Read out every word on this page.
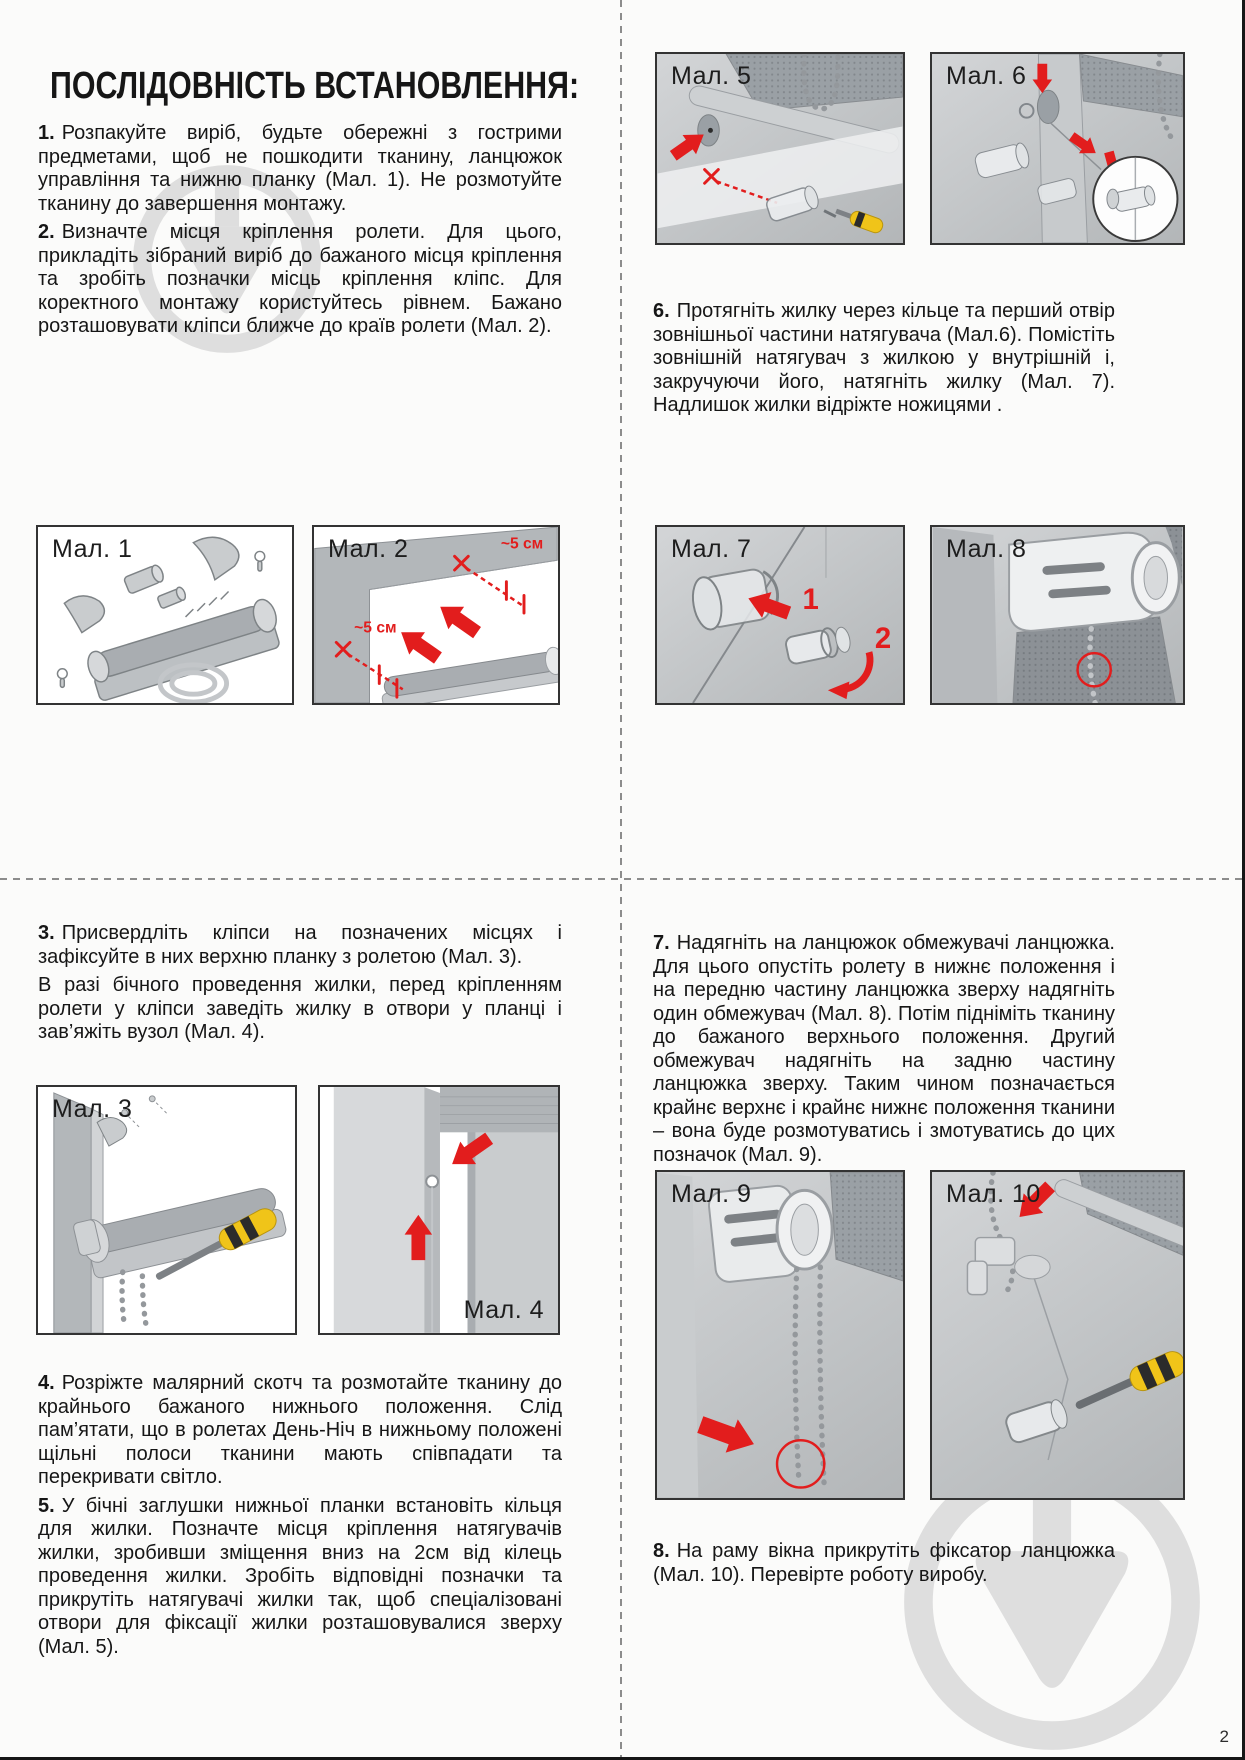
ПОСЛІДОВНІСТЬ ВСТАНОВЛЕННЯ:

1. Розпакуйте виріб, будьте обережні з гострими предметами, щоб не пошкодити тканину, ланцюжок управління та нижню планку (Мал. 1). Не розмотуйте тканину до завершення монтажу.

2. Визначте місця кріплення ролети. Для цього, прикладіть зібраний виріб до бажаного місця кріплення та зробіть позначки місць кріплення кліпс. Для коректного монтажу користуйтесь рівнем. Бажано розташовувати кліпси ближче до країв ролети (Мал. 2).

Мал. 1	~5 см
~5 см
Мал. 2
Мал. 5	Мал. 6

6. Протягніть жилку через кільце та перший отвір зовнішньої частини натягувача (Мал.6). Помістіть зовнішній натягувач з жилкою у внутрішній і, закручуючи його, натягніть жилку (Мал. 7). Надлишок жилки відріжте ножицями .

1
2
Мал. 7	Мал. 8

3. Присвердліть кліпси на позначених місцях і зафіксуйте в них верхню планку з ролетою (Мал. 3).

В разі бічного проведення жилки, перед кріпленням ролети у кліпси заведіть жилку в отвори у планці і зав’яжіть вузол (Мал. 4).

Мал. 3
Мал. 4

4. Розріжте малярний скотч та розмотайте тканину до крайнього бажаного нижнього положення. Слід пам’ятати, що в ролетах День-Ніч в нижньому положені щільні полоси тканини мають співпадати та перекривати світло.

5. У бічні заглушки нижньої планки встановіть кільця для жилки. Позначте місця кріплення натягувачів жилки, зробивши зміщення вниз на 2см від кілець проведення жилки. Зробіть відповідні позначки та прикрутіть натягувачі жилки так, щоб спеціалізовані отвори для фіксації жилки розташовувалися зверху (Мал. 5).

7. Надягніть на ланцюжок обмежувачі ланцюжка. Для цього опустіть ролету в нижнє положення і на передню частину ланцюжка зверху надягніть один обмежувач (Мал. 8). Потім підніміть тканину до бажаного верхнього положення. Другий обмежувач надягніть на задню частину ланцюжка зверху. Таким чином позначається крайнє верхнє і крайнє нижнє положення тканини – вона буде розмотуватись і змотуватись до цих позначок (Мал. 9).

Мал. 9	Мал. 10

8. На раму вікна прикрутіть фіксатор ланцюжка (Мал. 10). Перевірте роботу виробу.

2
